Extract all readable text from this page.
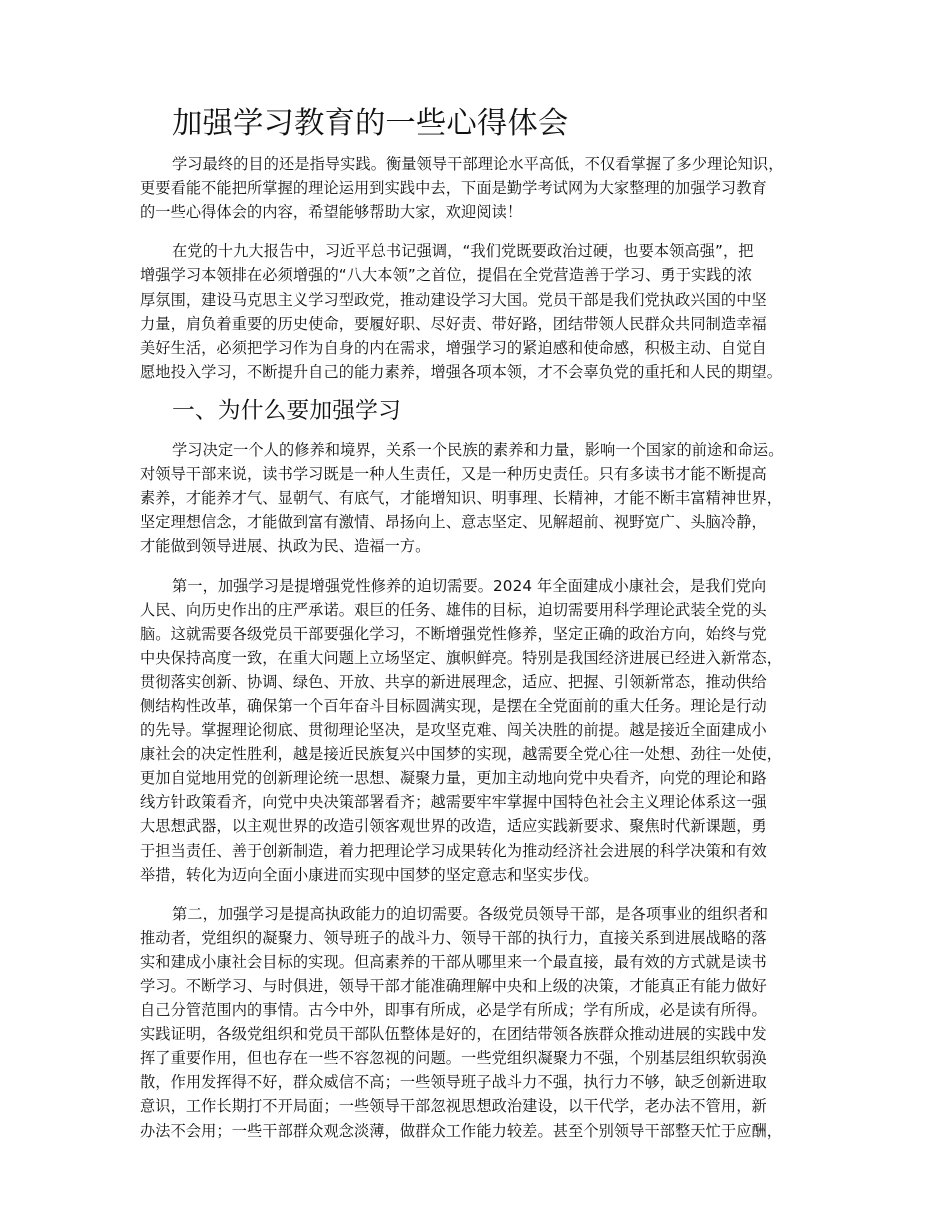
加强学习教育的一些心得体会

学习最终的目的还是指导实践。衡量领导干部理论水平高低，不仅看掌握了多少理论知识，
更要看能不能把所掌握的理论运用到实践中去，下面是勤学考试网为大家整理的加强学习教育
的一些心得体会的内容，希望能够帮助大家，欢迎阅读！

在党的十九大报告中，习近平总书记强调，“我们党既要政治过硬，也要本领高强”，把
增强学习本领排在必须增强的“八大本领”之首位，提倡在全党营造善于学习、勇于实践的浓
厚氛围，建设马克思主义学习型政党，推动建设学习大国。党员干部是我们党执政兴国的中坚
力量，肩负着重要的历史使命，要履好职、尽好责、带好路，团结带领人民群众共同制造幸福
美好生活，必须把学习作为自身的内在需求，增强学习的紧迫感和使命感，积极主动、自觉自
愿地投入学习，不断提升自己的能力素养，增强各项本领，才不会辜负党的重托和人民的期望。

一、为什么要加强学习

学习决定一个人的修养和境界，关系一个民族的素养和力量，影响一个国家的前途和命运。
对领导干部来说，读书学习既是一种人生责任，又是一种历史责任。只有多读书才能不断提高
素养，才能养才气、显朝气、有底气，才能增知识、明事理、长精神，才能不断丰富精神世界，
坚定理想信念，才能做到富有激情、昂扬向上、意志坚定、见解超前、视野宽广、头脑冷静，
才能做到领导进展、执政为民、造福一方。

第一，加强学习是提增强党性修养的迫切需要。2024 年全面建成小康社会，是我们党向
人民、向历史作出的庄严承诺。艰巨的任务、雄伟的目标，迫切需要用科学理论武装全党的头
脑。这就需要各级党员干部要强化学习，不断增强党性修养，坚定正确的政治方向，始终与党
中央保持高度一致，在重大问题上立场坚定、旗帜鲜亮。特别是我国经济进展已经进入新常态，
贯彻落实创新、协调、绿色、开放、共享的新进展理念，适应、把握、引领新常态，推动供给
侧结构性改革，确保第一个百年奋斗目标圆满实现，是摆在全党面前的重大任务。理论是行动
的先导。掌握理论彻底、贯彻理论坚决，是攻坚克难、闯关决胜的前提。越是接近全面建成小
康社会的决定性胜利，越是接近民族复兴中国梦的实现，越需要全党心往一处想、劲往一处使，
更加自觉地用党的创新理论统一思想、凝聚力量，更加主动地向党中央看齐，向党的理论和路
线方针政策看齐，向党中央决策部署看齐；越需要牢牢掌握中国特色社会主义理论体系这一强
大思想武器，以主观世界的改造引领客观世界的改造，适应实践新要求、聚焦时代新课题，勇
于担当责任、善于创新制造，着力把理论学习成果转化为推动经济社会进展的科学决策和有效
举措，转化为迈向全面小康进而实现中国梦的坚定意志和坚实步伐。

第二，加强学习是提高执政能力的迫切需要。各级党员领导干部，是各项事业的组织者和
推动者，党组织的凝聚力、领导班子的战斗力、领导干部的执行力，直接关系到进展战略的落
实和建成小康社会目标的实现。但高素养的干部从哪里来一个最直接，最有效的方式就是读书
学习。不断学习、与时俱进，领导干部才能准确理解中央和上级的决策，才能真正有能力做好
自己分管范围内的事情。古今中外，即事有所成，必是学有所成；学有所成，必是读有所得。
实践证明，各级党组织和党员干部队伍整体是好的，在团结带领各族群众推动进展的实践中发
挥了重要作用，但也存在一些不容忽视的问题。一些党组织凝聚力不强，个别基层组织软弱涣
散，作用发挥得不好，群众威信不高；一些领导班子战斗力不强，执行力不够，缺乏创新进取
意识，工作长期打不开局面；一些领导干部忽视思想政治建设，以干代学，老办法不管用，新
办法不会用；一些干部群众观念淡薄，做群众工作能力较差。甚至个别领导干部整天忙于应酬，
